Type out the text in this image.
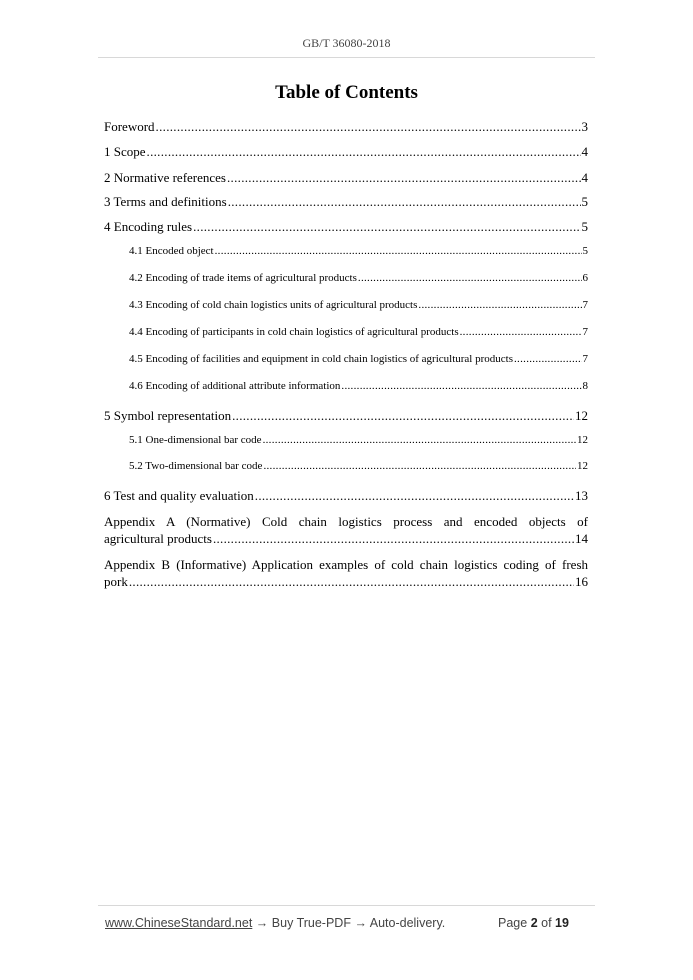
GB/T 36080-2018
Table of Contents
Foreword .....	3
1 Scope .....	4
2 Normative references .....	4
3 Terms and definitions .....	5
4 Encoding rules .....	5
4.1 Encoded object .....	5
4.2 Encoding of trade items of agricultural products .....	6
4.3 Encoding of cold chain logistics units of agricultural products .....	7
4.4 Encoding of participants in cold chain logistics of agricultural products .....	7
4.5 Encoding of facilities and equipment in cold chain logistics of agricultural products .....	7
4.6 Encoding of additional attribute information .....	8
5 Symbol representation .....	12
5.1 One-dimensional bar code .....	12
5.2 Two-dimensional bar code .....	12
6 Test and quality evaluation .....	13
Appendix A (Normative) Cold chain logistics process and encoded objects of
agricultural products .....	14
Appendix B (Informative) Application examples of cold chain logistics coding of fresh
pork .....	16
www.ChineseStandard.net → Buy True-PDF → Auto-delivery.	Page 2 of 19
